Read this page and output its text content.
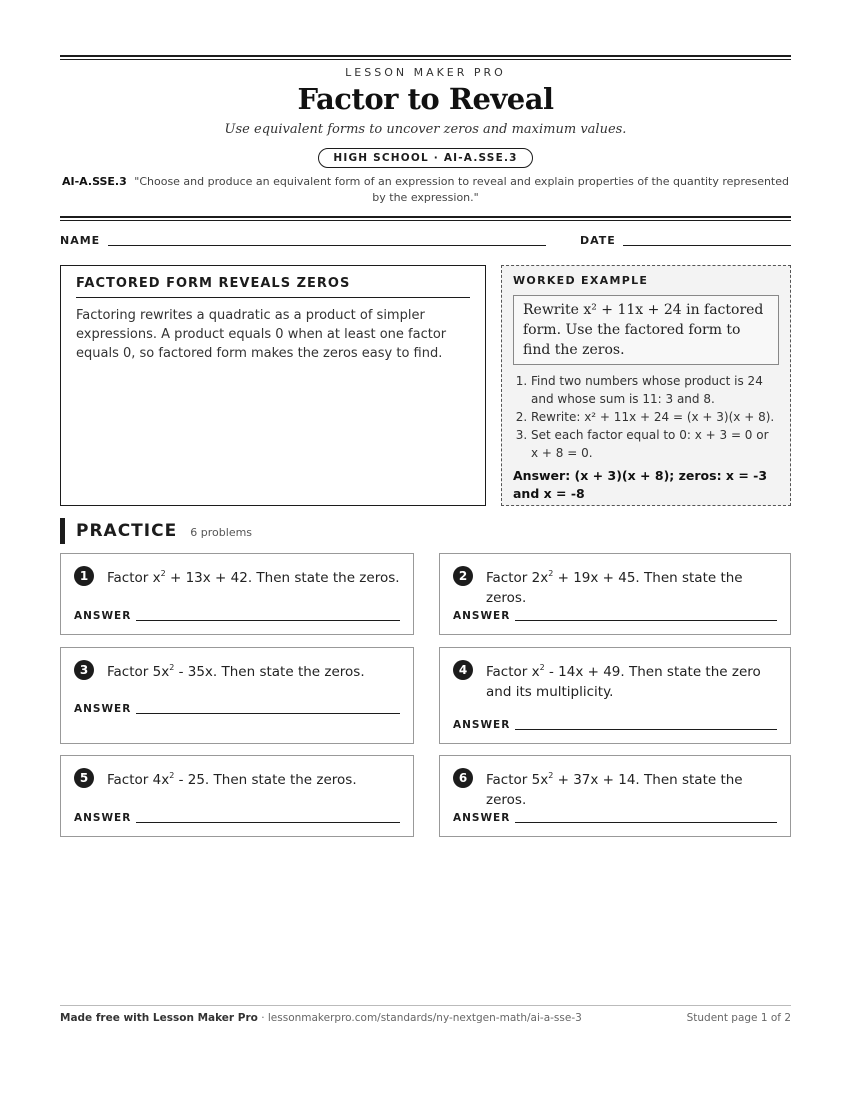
LESSON MAKER PRO
Factor to Reveal
Use equivalent forms to uncover zeros and maximum values.
HIGH SCHOOL · AI-A.SSE.3
AI-A.SSE.3 "Choose and produce an equivalent form of an expression to reveal and explain properties of the quantity represented by the expression."
NAME	DATE
FACTORED FORM REVEALS ZEROS
Factoring rewrites a quadratic as a product of simpler expressions. A product equals 0 when at least one factor equals 0, so factored form makes the zeros easy to find.
WORKED EXAMPLE
Rewrite x² + 11x + 24 in factored form. Use the factored form to find the zeros.
1. Find two numbers whose product is 24 and whose sum is 11: 3 and 8.
2. Rewrite: x² + 11x + 24 = (x + 3)(x + 8).
3. Set each factor equal to 0: x + 3 = 0 or x + 8 = 0.
Answer: (x + 3)(x + 8); zeros: x = -3 and x = -8
PRACTICE 6 problems
1	Factor $x^2 + 13x + 42$. Then state the zeros.
ANSWER
2	Factor $2x^2 + 19x + 45$. Then state the zeros.
ANSWER
3	Factor $5x^2 - 35x$. Then state the zeros.
ANSWER
4	Factor $x^2 - 14x + 49$. Then state the zero and its multiplicity.
ANSWER
5	Factor $4x^2 - 25$. Then state the zeros.
ANSWER
6	Factor $5x^2 + 37x + 14$. Then state the zeros.
ANSWER
Made free with Lesson Maker Pro · lessonmakerpro.com/standards/ny-nextgen-math/ai-a-sse-3	Student page 1 of 2
